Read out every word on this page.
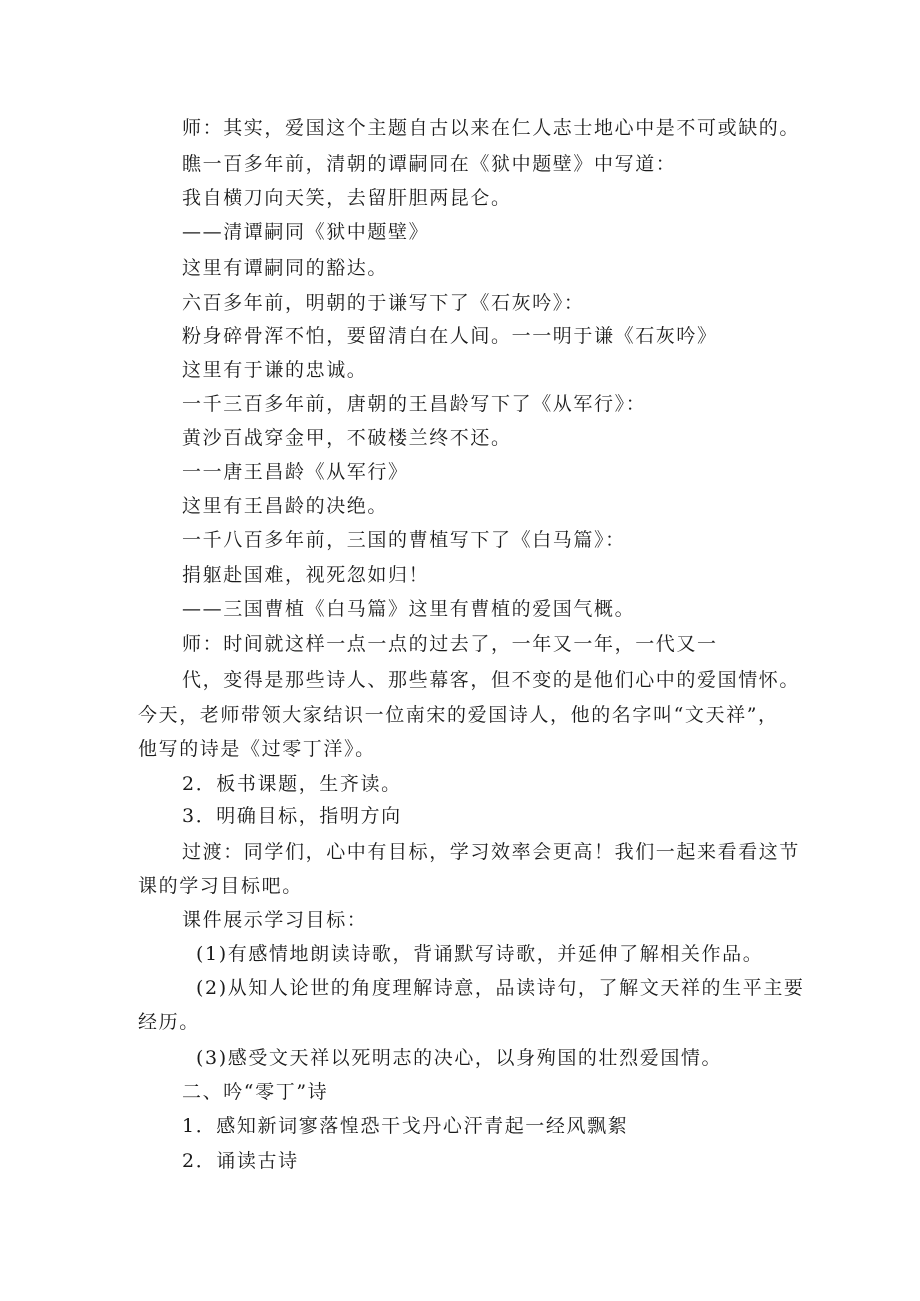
师：其实，爱国这个主题自古以来在仁人志士地心中是不可或缺的。
瞧一百多年前，清朝的谭嗣同在《狱中题壁》中写道：
我自横刀向天笑，去留肝胆两昆仑。
——清谭嗣同《狱中题壁》
这里有谭嗣同的豁达。
六百多年前，明朝的于谦写下了《石灰吟》：
粉身碎骨浑不怕，要留清白在人间。一一明于谦《石灰吟》
这里有于谦的忠诚。
一千三百多年前，唐朝的王昌龄写下了《从军行》：
黄沙百战穿金甲，不破楼兰终不还。
一一唐王昌龄《从军行》
这里有王昌龄的决绝。
一千八百多年前，三国的曹植写下了《白马篇》：
捐躯赴国难，视死忽如归！
——三国曹植《白马篇》这里有曹植的爱国气概。
师：时间就这样一点一点的过去了，一年又一年，一代又一
代，变得是那些诗人、那些幕客，但不变的是他们心中的爱国情怀。
今天，老师带领大家结识一位南宋的爱国诗人，他的名字叫“文天祥”，
他写的诗是《过零丁洋》。
2．板书课题，生齐读。
3．明确目标，指明方向
过渡：同学们，心中有目标，学习效率会更高！我们一起来看看这节
课的学习目标吧。
课件展示学习目标：
(1)有感情地朗读诗歌，背诵默写诗歌，并延伸了解相关作品。
(2)从知人论世的角度理解诗意，品读诗句，了解文天祥的生平主要
经历。
(3)感受文天祥以死明志的决心，以身殉国的壮烈爱国情。
二、吟“零丁”诗
1．感知新词寥落惶恐干戈丹心汗青起一经风飘絮
2．诵读古诗
